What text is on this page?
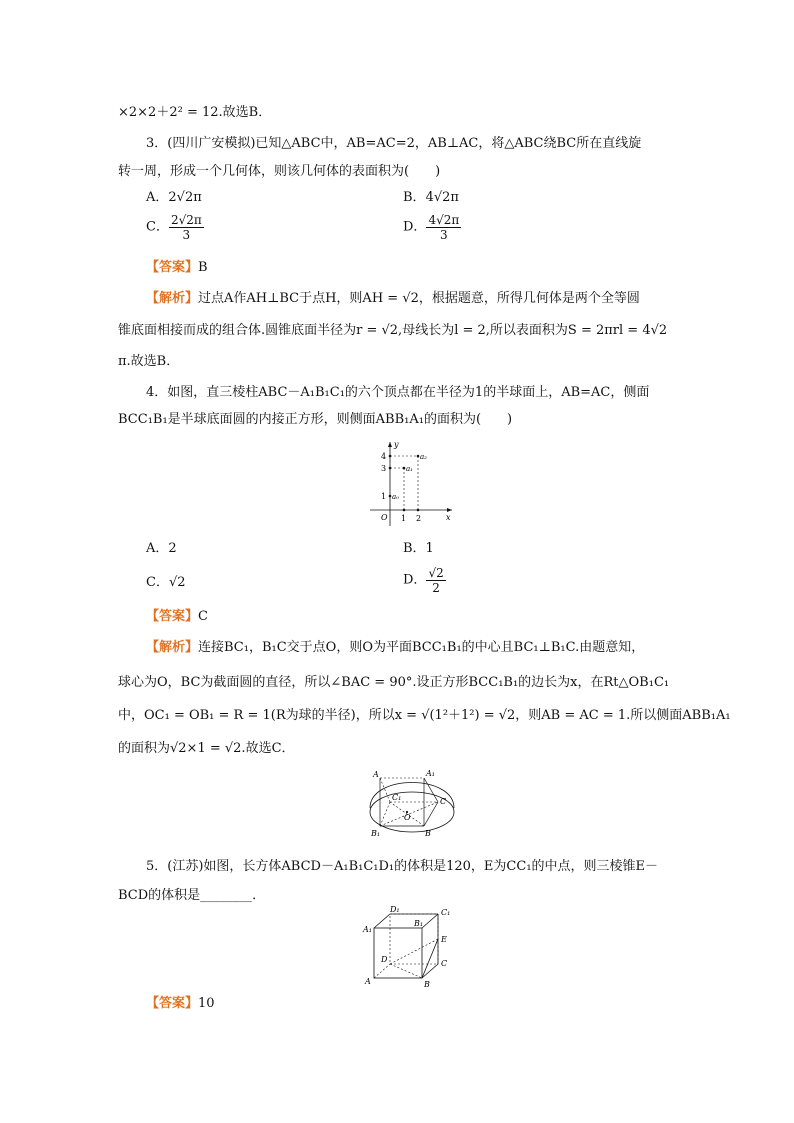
×2×2＋2² = 12.故选B．
3．(四川广安模拟)已知△ABC中，AB=AC=2，AB⊥AC，将△ABC绕BC所在直线旋
转一周，形成一个几何体，则该几何体的表面积为(　　)
A．2√2π	B．4√2π
C． $\frac{2√2\pi}{3}$	D． $\frac{4√2\pi}{3}$
【答案】B
【解析】过点A作AH⊥BC于点H，则AH = √2，根据题意，所得几何体是两个全等圆
锥底面相接而成的组合体.圆锥底面半径为r = √2,母线长为l = 2,所以表面积为S = 2πrl = 4√2
π.故选B．
4．如图，直三棱柱ABC－A₁B₁C₁的六个顶点都在半径为1的半球面上，AB=AC，侧面
BCC₁B₁是半球底面圆的内接正方形，则侧面ABB₁A₁的面积为(　　)
y
x
O
4
3
1
1 2
a₂
a₁
a₀
A．2	B．1
C．√2	D． $\frac{√2}{2}$
【答案】C
【解析】连接BC₁，B₁C交于点O，则O为平面BCC₁B₁的中心且BC₁⊥B₁C.由题意知，
球心为O，BC为截面圆的直径，所以∠BAC = 90°.设正方形BCC₁B₁的边长为x，在Rt△OB₁C₁
中，OC₁ = OB₁ = R = 1(R为球的半径)，所以x = √(1²＋1²) = √2，则AB = AC = 1.所以侧面ABB₁A₁
的面积为√2×1 = √2.故选C．
A	A₁
C₁	C
O
B₁	B
5．(江苏)如图，长方体ABCD－A₁B₁C₁D₁的体积是120，E为CC₁的中点，则三棱锥E－
BCD的体积是________．
D₁	C₁
A₁
B₁
E
D	C
A	B
【答案】10
